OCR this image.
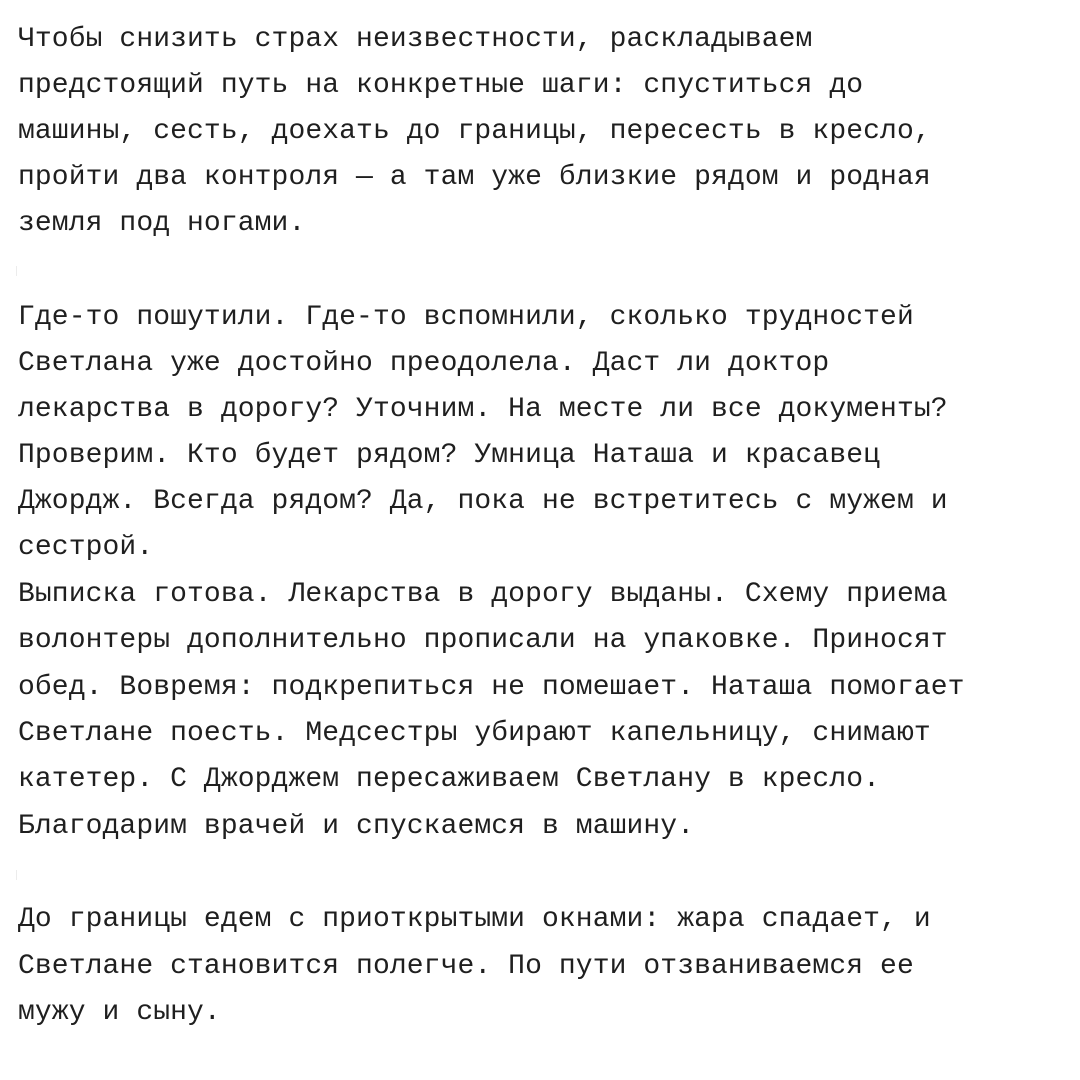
Чтобы снизить страх неизвестности, раскладываем
предстоящий путь на конкретные шаги: спуститься до
машины, сесть, доехать до границы, пересесть в кресло,
пройти два контроля — а там уже близкие рядом и родная
земля под ногами.
Где-то пошутили. Где-то вспомнили, сколько трудностей
Светлана уже достойно преодолела. Даст ли доктор
лекарства в дорогу? Уточним. На месте ли все документы?
Проверим. Кто будет рядом? Умница Наташа и красавец
Джордж. Всегда рядом? Да, пока не встретитесь с мужем и
сестрой.
Выписка готова. Лекарства в дорогу выданы. Схему приема
волонтеры дополнительно прописали на упаковке. Приносят
обед. Вовремя: подкрепиться не помешает. Наташа помогает
Светлане поесть. Медсестры убирают капельницу, снимают
катетер. С Джорджем пересаживаем Светлану в кресло.
Благодарим врачей и спускаемся в машину.
До границы едем с приоткрытыми окнами: жара спадает, и
Светлане становится полегче. По пути отзваниваемся ее
мужу и сыну.
